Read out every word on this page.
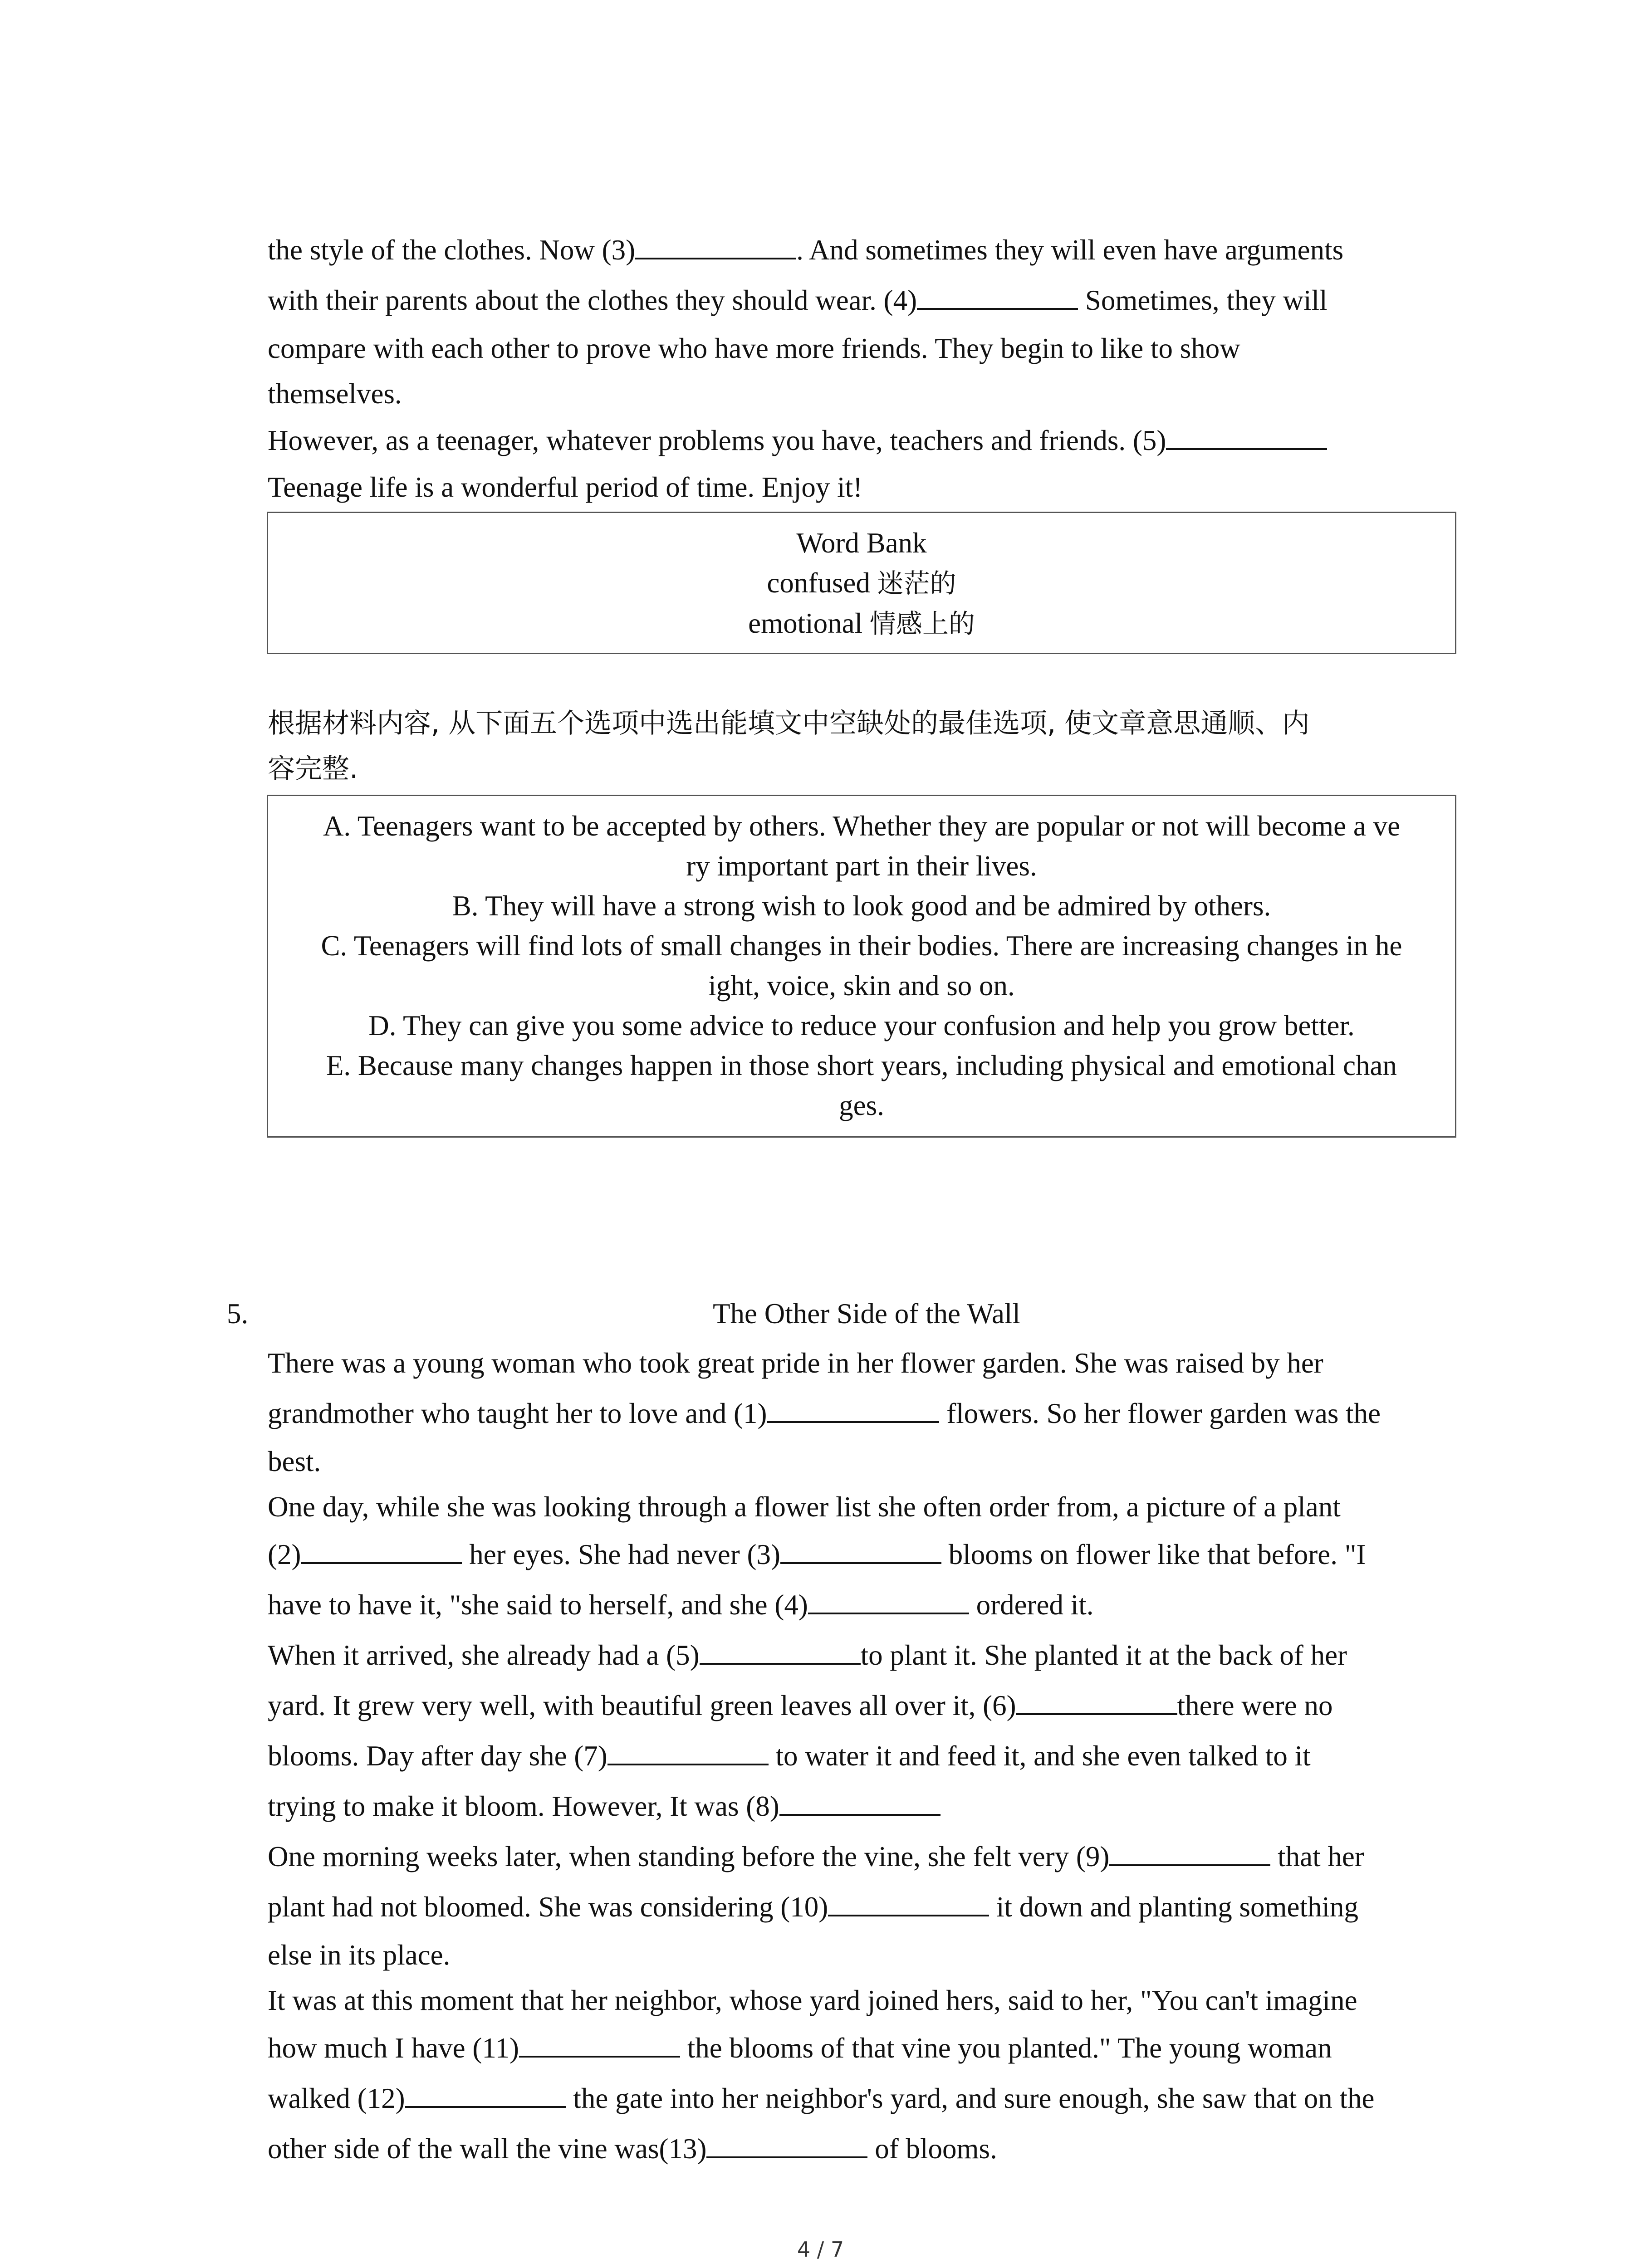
the style of the clothes. Now (3)	. And sometimes they will even have arguments

with their parents about the clothes they should wear. (4)	Sometimes, they will

compare with each other to prove who have more friends. They begin to like to show

themselves.

However, as a teenager, whatever problems you have, teachers and friends. (5)

Teenage life is a wonderful period of time. Enjoy it!

Word Bank
confused 迷茫的
emotional 情感上的

根据材料内容, 从下面五个选项中选出能填文中空缺处的最佳选项, 使文章意思通顺、内

容完整.

A. Teenagers want to be accepted by others. Whether they are popular or not will become a ve
ry important part in their lives.
B. They will have a strong wish to look good and be admired by others.
C. Teenagers will find lots of small changes in their bodies. There are increasing changes in he
ight, voice, skin and so on.
D. They can give you some advice to reduce your confusion and help you grow better.
E. Because many changes happen in those short years, including physical and emotional chan
ges.
5.	The Other Side of the Wall

There was a young woman who took great pride in her flower garden. She was raised by her

grandmother who taught her to love and (1)	flowers. So her flower garden was the

best.

One day, while she was looking through a flower list she often order from, a picture of a plant

(2)	her eyes. She had never (3)	blooms on flower like that before. "I

have to have it, "she said to herself, and she (4)	ordered it.

When it arrived, she already had a (5)	to plant it. She planted it at the back of her

yard. It grew very well, with beautiful green leaves all over it, (6)	there were no

blooms. Day after day she (7)	to water it and feed it, and she even talked to it

trying to make it bloom. However, It was (8)

One morning weeks later, when standing before the vine, she felt very (9)	that her

plant had not bloomed. She was considering (10)	it down and planting something

else in its place.

It was at this moment that her neighbor, whose yard joined hers, said to her, "You can't imagine

how much I have (11)	the blooms of that vine you planted." The young woman

walked (12)	the gate into her neighbor's yard, and sure enough, she saw that on the

other side of the wall the vine was(13)	of blooms.

4 / 7
